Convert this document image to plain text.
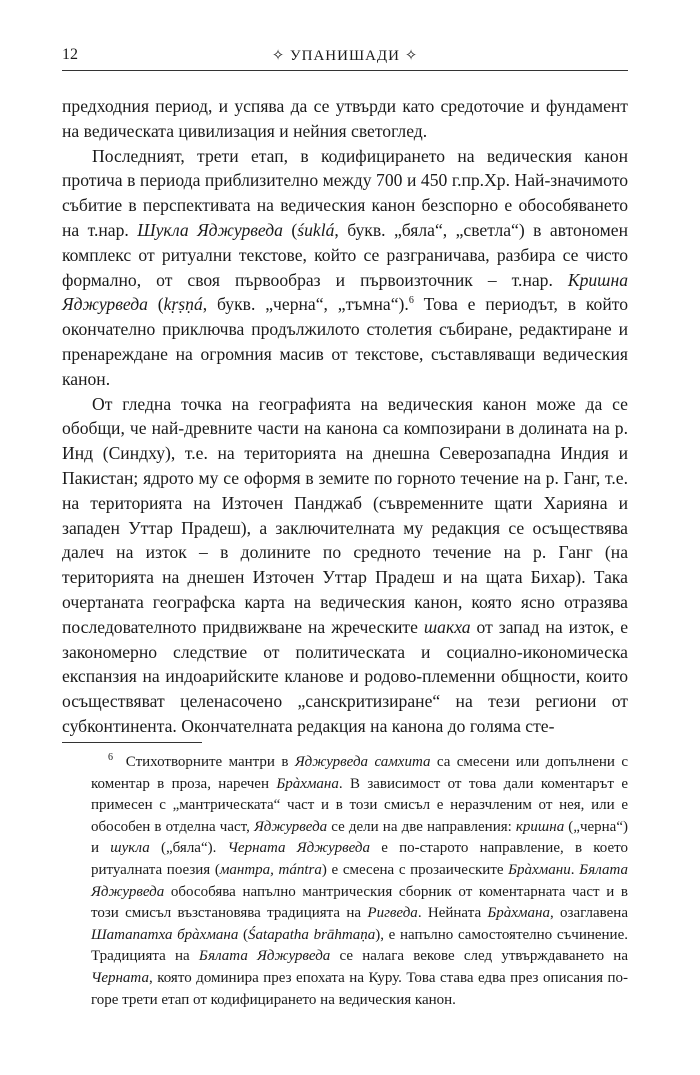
12	✧ УПАНИШАДИ ✧

предходния период, и успява да се утвърди като средоточие и фундамент на ведическата цивилизация и нейния светоглед.

Последният, трети етап, в кодифицирането на ведическия канон протича в периода приблизително между 700 и 450 г.пр.Хр. Най-значимото събитие в перспективата на ведическия канон безспорно е обособяването на т.нар. Шукла Яджурведа (śuklá, букв. „бяла“, „светла“) в автономен комплекс от ритуални текстове, който се разграничава, разбира се чисто формално, от своя първообраз и първоизточник – т.нар. Кришна Яджурведа (kṛṣṇá, букв. „черна“, „тъмна“).$^6$ Това е периодът, в който окончателно приключва продължилото столетия събиране, редактиране и пренареждане на огромния масив от текстове, съставляващи ведическия канон.

От гледна точка на географията на ведическия канон може да се обобщи, че най-древните части на канона са композирани в долината на р. Инд (Синдху), т.е. на територията на днешна Северозападна Индия и Пакистан; ядрото му се оформя в земите по горното течение на р. Ганг, т.е. на територията на Източен Панджаб (съвременните щати Харияна и западен Уттар Прадеш), а заключителната му редакция се осъществява далеч на изток – в долините по средното течение на р. Ганг (на територията на днешен Източен Уттар Прадеш и на щата Бихар). Така очертаната географска карта на ведическия канон, която ясно отразява последователното придвижване на жреческите шакха от запад на изток, е закономерно следствие от политическата и социално-икономическа експанзия на индоарийските кланове и родово-племенни общности, които осъществяват целенасочено „санскритизиране“ на тези региони от субконтинента. Окончателната редакция на канона до голяма сте-

$^6$ Стихотворните мантри в Яджурведа самхита са смесени или допълнени с коментар в проза, наречен Брàхмана. В зависимост от това дали коментарът е примесен с „мантрическата“ част и в този смисъл е неразчленим от нея, или е обособен в отделна част, Яджурведа се дели на две направления: кришна („черна“) и шукла („бяла“). Черната Яджурведа е по-старото направление, в което ритуалната поезия (мантра, mántra) е смесена с прозаическите Брàхмани. Бялата Яджурведа обособява напълно мантрическия сборник от коментарната част и в този смисъл възстановява традицията на Ригведа. Нейната Брàхмана, озаглавена Шатапатха брàхмана (Śatapatha brāhmaṇa), е напълно самостоятелно съчинение. Традицията на Бялата Яджурведа се налага векове след утвърждаването на Черната, която доминира през епохата на Куру. Това става едва през описания по-горе трети етап от кодифицирането на ведическия канон.
